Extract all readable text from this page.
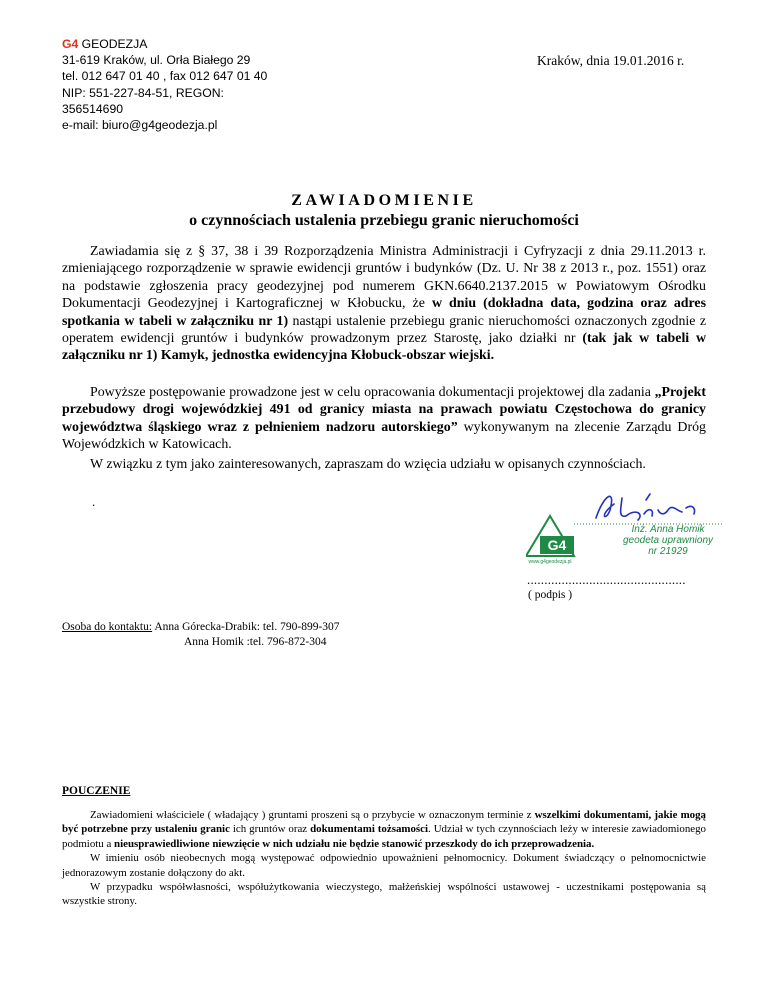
G4 GEODEZJA
31-619 Kraków, ul. Orła Białego 29
tel. 012 647 01 40 , fax 012 647 01 40
NIP: 551-227-84-51, REGON:
356514690
e-mail: biuro@g4geodezja.pl
Kraków, dnia 19.01.2016 r.
ZAWIADOMIENIE
o czynnościach ustalenia przebiegu granic nieruchomości
Zawiadamia się z § 37, 38 i 39 Rozporządzenia Ministra Administracji i Cyfryzacji z dnia 29.11.2013 r. zmieniającego rozporządzenie w sprawie ewidencji gruntów i budynków (Dz. U. Nr 38 z 2013 r., poz. 1551) oraz na podstawie zgłoszenia pracy geodezyjnej pod numerem GKN.6640.2137.2015 w Powiatowym Ośrodku Dokumentacji Geodezyjnej i Kartograficznej w Kłobucku, że w dniu (dokładna data, godzina oraz adres spotkania w tabeli w załączniku nr 1) nastąpi ustalenie przebiegu granic nieruchomości oznaczonych zgodnie z operatem ewidencji gruntów i budynków prowadzonym przez Starostę, jako działki nr (tak jak w tabeli w załączniku nr 1) Kamyk, jednostka ewidencyjna Kłobuck-obszar wiejski.
Powyższe postępowanie prowadzone jest w celu opracowania dokumentacji projektowej dla zadania „Projekt przebudowy drogi wojewódzkiej 491 od granicy miasta na prawach powiatu Częstochowa do granicy województwa śląskiego wraz z pełnieniem nadzoru autorskiego” wykonywanym na zlecenie Zarządu Dróg Wojewódzkich w Katowicach.
W związku z tym jako zainteresowanych, zapraszam do wzięcia udziału w opisanych czynnościach.
.
G4
www.g4geodezja.pl
Inż. Anna Homik
geodeta uprawniony
nr 21929
..............................................
( podpis )
Osoba do kontaktu: Anna Górecka-Drabik: tel. 790-899-307
Anna Homik :tel. 796-872-304
POUCZENIE

Zawiadomieni właściciele ( władający ) gruntami proszeni są o przybycie w oznaczonym terminie z wszelkimi dokumentami, jakie mogą być potrzebne przy ustaleniu granic ich gruntów oraz dokumentami tożsamości. Udział w tych czynnościach leży w interesie zawiadomionego podmiotu a nieusprawiedliwione niewzięcie w nich udziału nie będzie stanowić przeszkody do ich przeprowadzenia.

W imieniu osób nieobecnych mogą występować odpowiednio upoważnieni pełnomocnicy. Dokument świadczący o pełnomocnictwie jednorazowym zostanie dołączony do akt.

W przypadku współwłasności, współużytkowania wieczystego, małżeńskiej wspólności ustawowej - uczestnikami postępowania są wszystkie strony.
